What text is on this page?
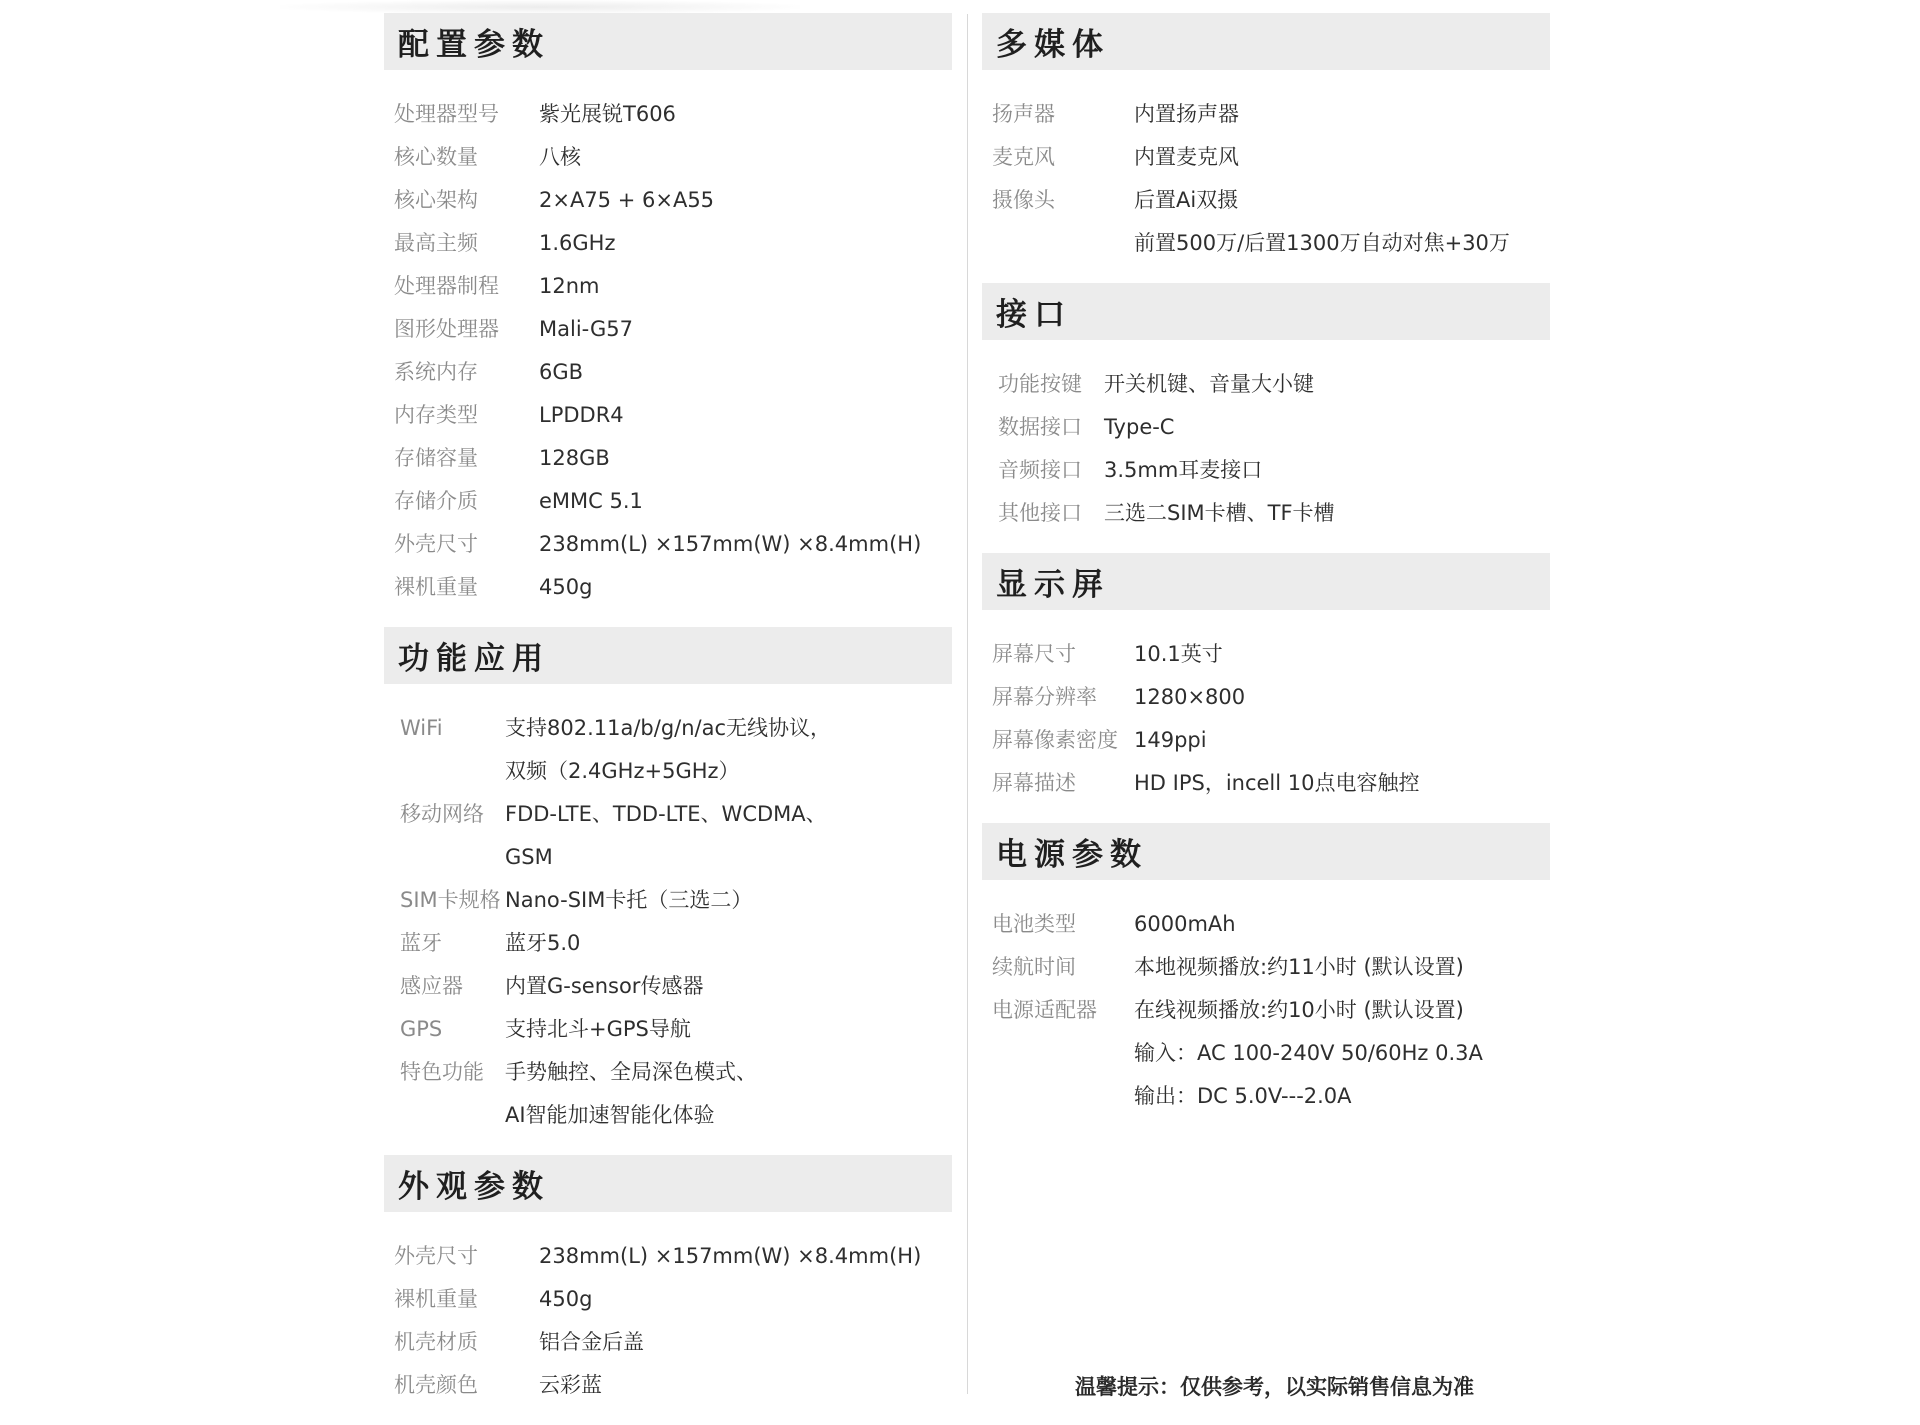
配置参数
处理器型号	紫光展锐T606
核心数量	八核
核心架构	2×A75 + 6×A55
最高主频	1.6GHz
处理器制程	12nm
图形处理器	Mali-G57
系统内存	6GB
内存类型	LPDDR4
存储容量	128GB
存储介质	eMMC 5.1
外壳尺寸	238mm(L) ×157mm(W) ×8.4mm(H)
裸机重量	450g
功能应用
WiFi	支持802.11a/b/g/n/ac无线协议，
双频（2.4GHz+5GHz）
移动网络	FDD-LTE、TDD-LTE、WCDMA、
GSM
SIM卡规格 Nano-SIM卡托（三选二）
蓝牙	蓝牙5.0
感应器	内置G-sensor传感器
GPS	支持北斗+GPS导航
特色功能	手势触控、全局深色模式、
AI智能加速智能化体验
外观参数
外壳尺寸	238mm(L) ×157mm(W) ×8.4mm(H)
裸机重量	450g
机壳材质	铝合金后盖
机壳颜色	云彩蓝
多媒体
扬声器	内置扬声器
麦克风	内置麦克风
摄像头	后置Ai双摄
前置500万/后置1300万自动对焦+30万
接口
功能按键	开关机键、音量大小键
数据接口	Type-C
音频接口	3.5mm耳麦接口
其他接口	三选二SIM卡槽、TF卡槽
显示屏
屏幕尺寸	10.1英寸
屏幕分辨率	1280×800
屏幕像素密度 149ppi
屏幕描述	HD IPS，incell 10点电容触控
电源参数
电池类型	6000mAh
续航时间	本地视频播放:约11小时 (默认设置)
电源适配器	在线视频播放:约10小时 (默认设置)
输入：AC 100-240V 50/60Hz 0.3A
输出：DC 5.0V---2.0A
温馨提示：仅供参考，以实际销售信息为准
